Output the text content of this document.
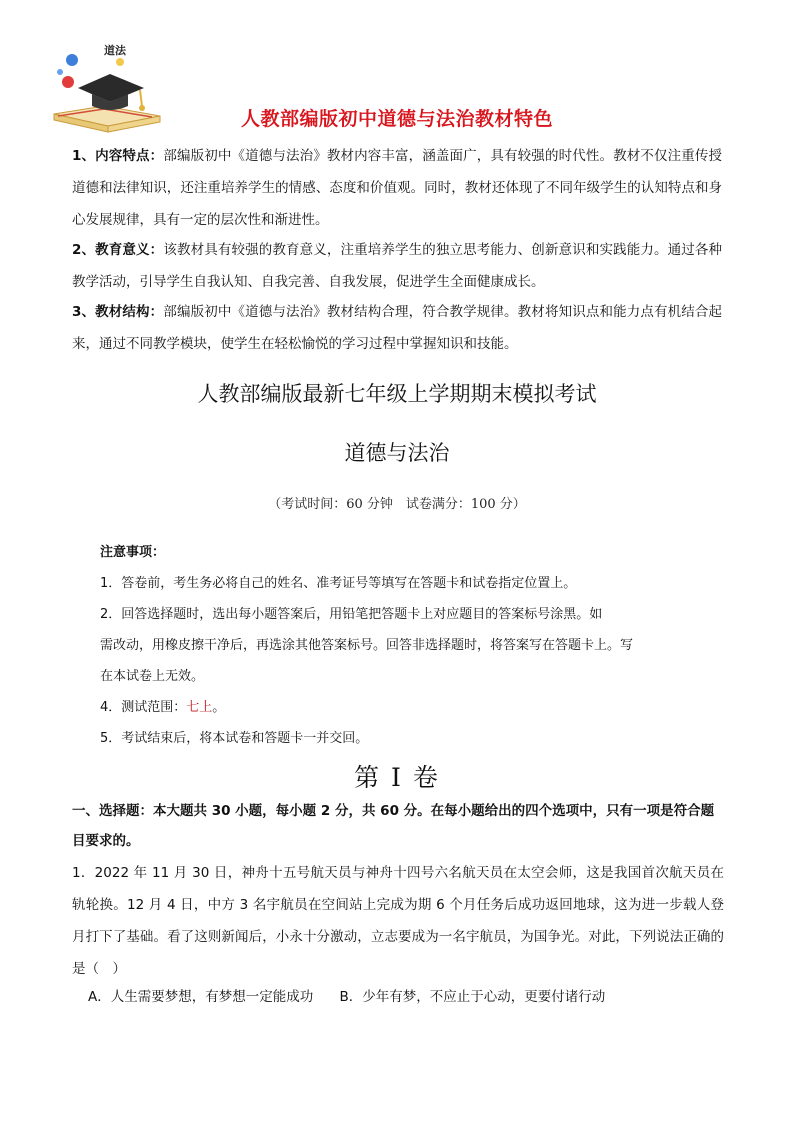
道法
人教部编版初中道德与法治教材特色
1、内容特点：部编版初中《道德与法治》教材内容丰富，涵盖面广，具有较强的时代性。教材不仅注重传授道德和法律知识，还注重培养学生的情感、态度和价值观。同时，教材还体现了不同年级学生的认知特点和身心发展规律，具有一定的层次性和渐进性。
2、教育意义：该教材具有较强的教育意义，注重培养学生的独立思考能力、创新意识和实践能力。通过各种教学活动，引导学生自我认知、自我完善、自我发展，促进学生全面健康成长。
3、教材结构：部编版初中《道德与法治》教材结构合理，符合教学规律。教材将知识点和能力点有机结合起来，通过不同教学模块，使学生在轻松愉悦的学习过程中掌握知识和技能。
人教部编版最新七年级上学期期末模拟考试
道德与法治
（考试时间：60 分钟　试卷满分：100 分）
注意事项：
1．答卷前，考生务必将自己的姓名、准考证号等填写在答题卡和试卷指定位置上。
2．回答选择题时，选出每小题答案后，用铅笔把答题卡上对应题目的答案标号涂黑。如
需改动，用橡皮擦干净后，再选涂其他答案标号。回答非选择题时，将答案写在答题卡上。写
在本试卷上无效。
4．测试范围：七上。
5．考试结束后，将本试卷和答题卡一并交回。
第 I 卷
一、选择题：本大题共 30 小题，每小题 2 分，共 60 分。在每小题给出的四个选项中，只有一项是符合题目要求的。
1．2022 年 11 月 30 日，神舟十五号航天员与神舟十四号六名航天员在太空会师，这是我国首次航天员在轨轮换。12 月 4 日，中方 3 名宇航员在空间站上完成为期 6 个月任务后成功返回地球，这为进一步载人登月打下了基础。看了这则新闻后，小永十分激动，立志要成为一名宇航员，为国争光。对此，下列说法正确的是（　）
A．人生需要梦想，有梦想一定能成功 B．少年有梦，不应止于心动，更要付诸行动
